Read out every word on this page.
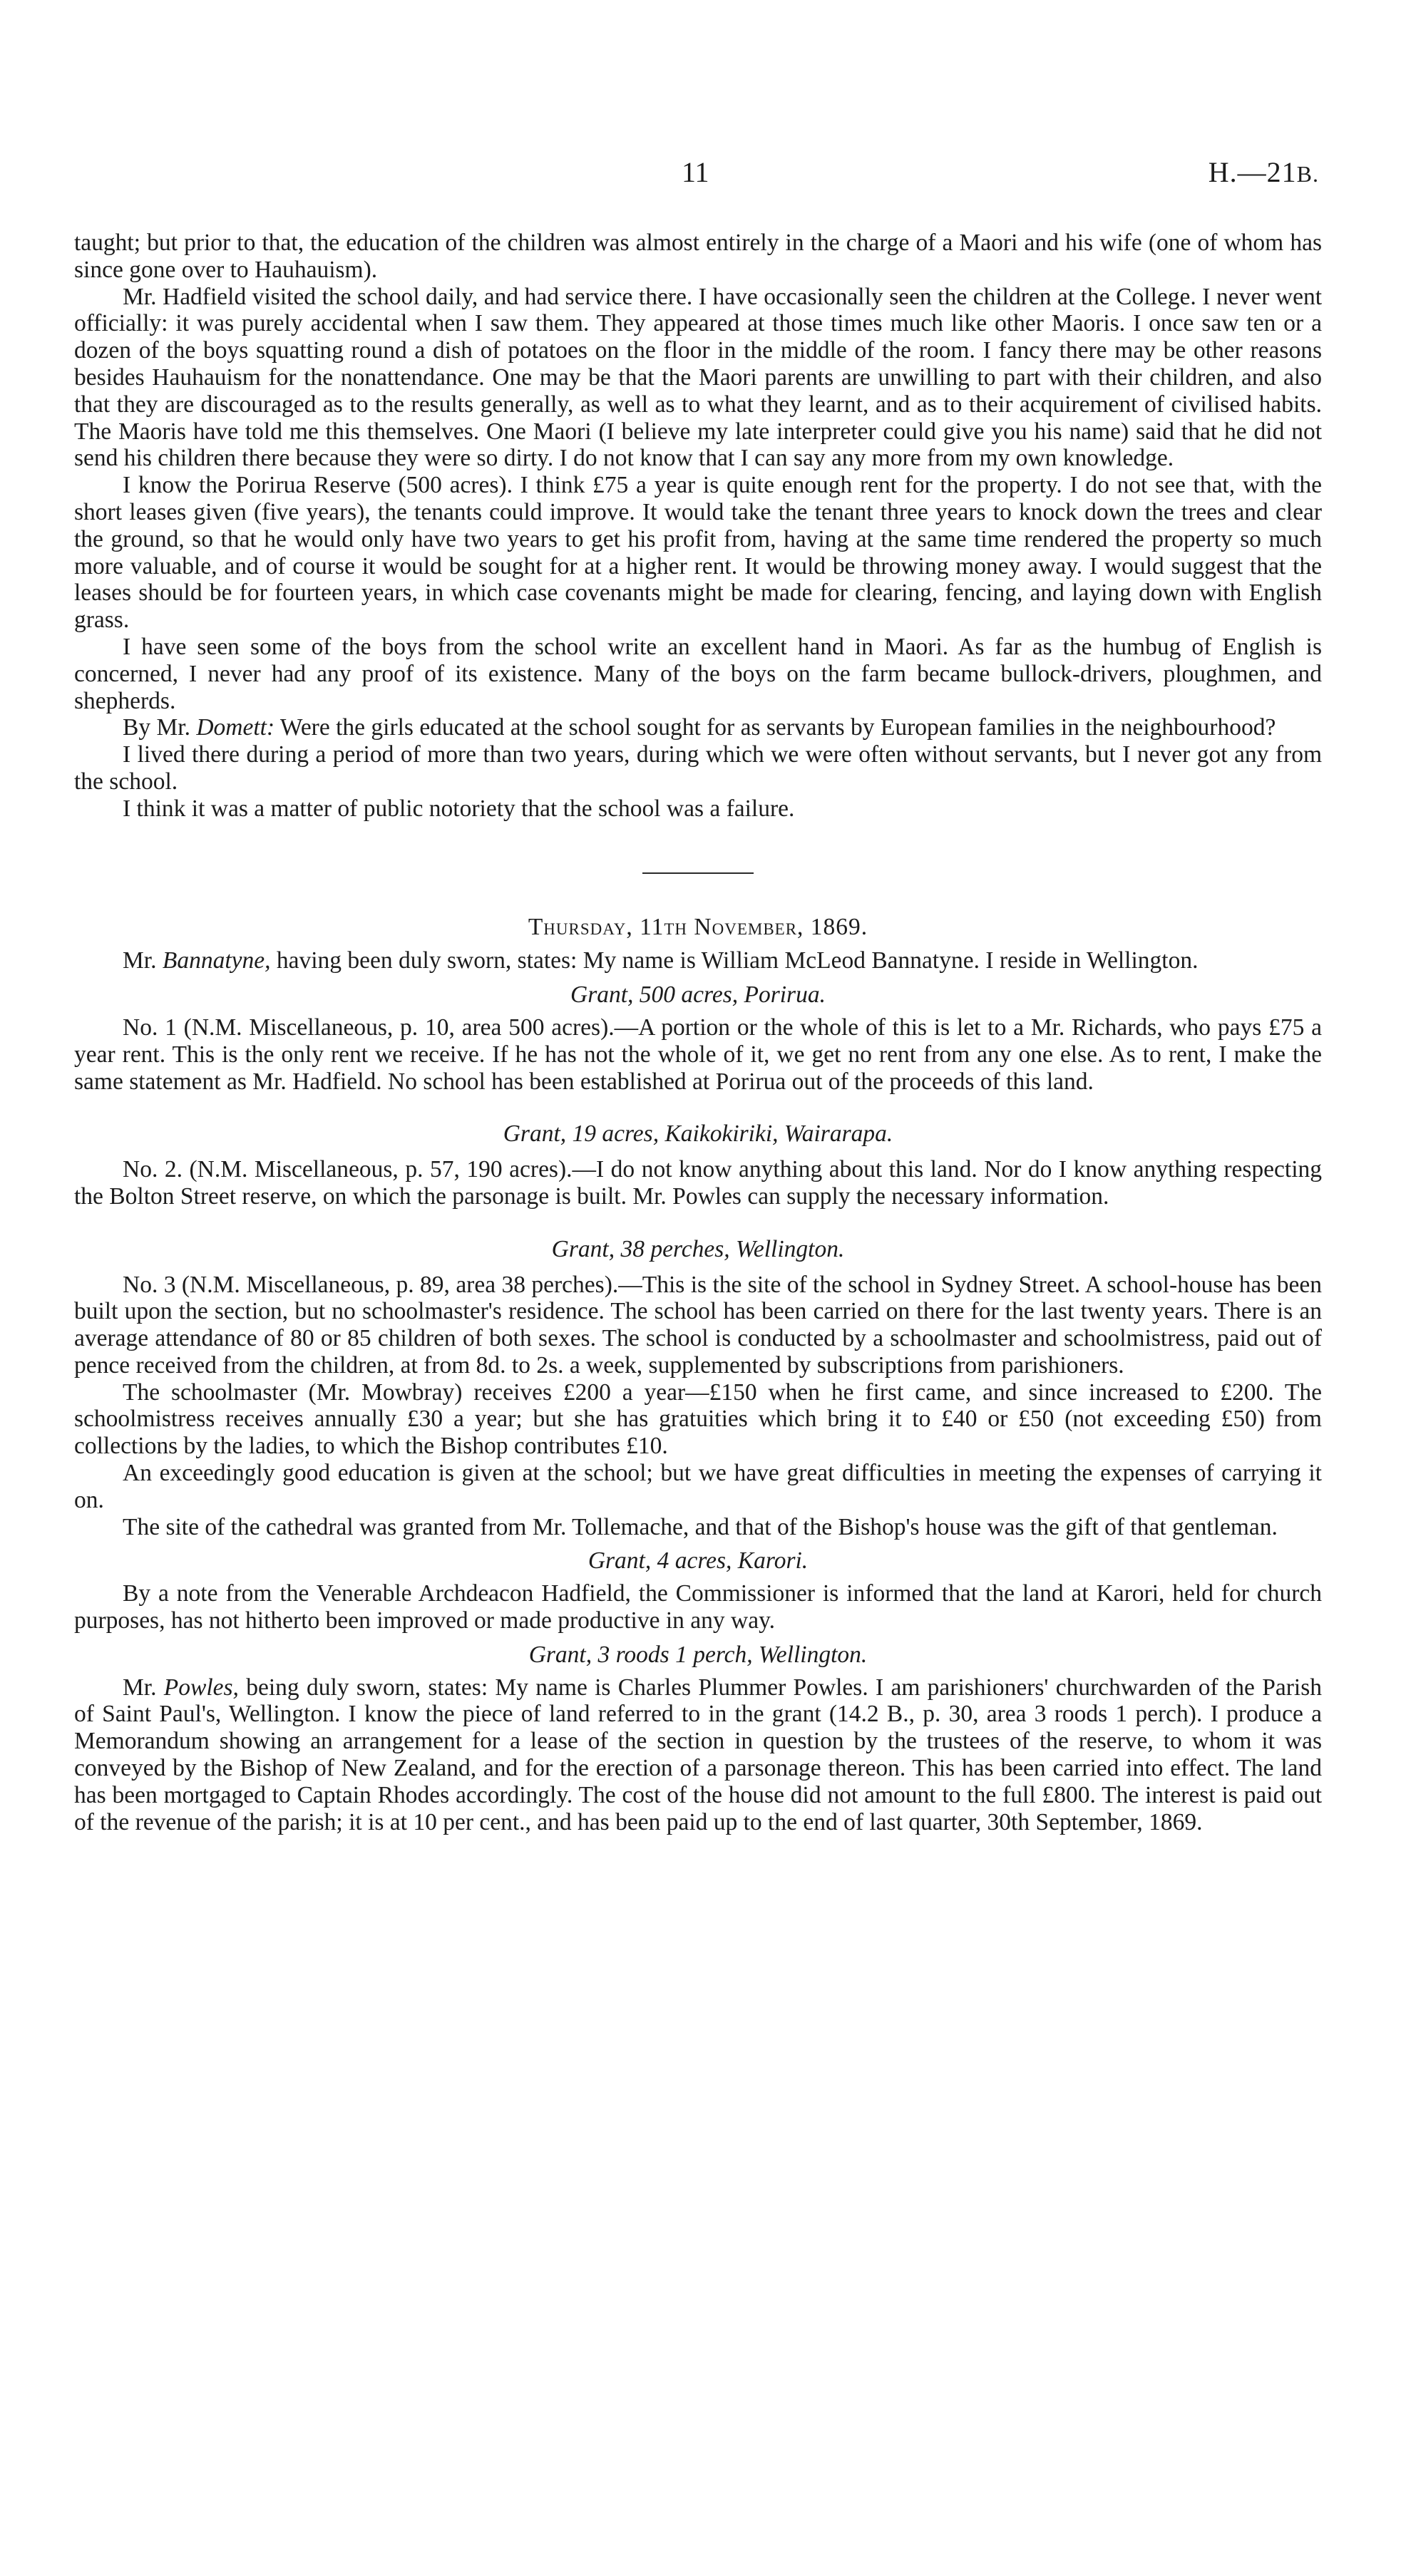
11	H.—21B.

taught; but prior to that, the education of the children was almost entirely in the charge of a Maori and his wife (one of whom has since gone over to Hauhauism).

Mr. Hadfield visited the school daily, and had service there. I have occasionally seen the children at the College. I never went officially: it was purely accidental when I saw them. They appeared at those times much like other Maoris. I once saw ten or a dozen of the boys squatting round a dish of potatoes on the floor in the middle of the room. I fancy there may be other reasons besides Hauhauism for the nonattendance. One may be that the Maori parents are unwilling to part with their children, and also that they are discouraged as to the results generally, as well as to what they learnt, and as to their acquirement of civilised habits. The Maoris have told me this themselves. One Maori (I believe my late interpreter could give you his name) said that he did not send his children there because they were so dirty. I do not know that I can say any more from my own knowledge.

I know the Porirua Reserve (500 acres). I think £75 a year is quite enough rent for the property. I do not see that, with the short leases given (five years), the tenants could improve. It would take the tenant three years to knock down the trees and clear the ground, so that he would only have two years to get his profit from, having at the same time rendered the property so much more valuable, and of course it would be sought for at a higher rent. It would be throwing money away. I would suggest that the leases should be for fourteen years, in which case covenants might be made for clearing, fencing, and laying down with English grass.

I have seen some of the boys from the school write an excellent hand in Maori. As far as the humbug of English is concerned, I never had any proof of its existence. Many of the boys on the farm became bullock-drivers, ploughmen, and shepherds.

By Mr. Domett: Were the girls educated at the school sought for as servants by European families in the neighbourhood?

I lived there during a period of more than two years, during which we were often without servants, but I never got any from the school.

I think it was a matter of public notoriety that the school was a failure.

Thursday, 11th November, 1869.

Mr. Bannatyne, having been duly sworn, states: My name is William McLeod Bannatyne. I reside in Wellington.

Grant, 500 acres, Porirua.

No. 1 (N.M. Miscellaneous, p. 10, area 500 acres).—A portion or the whole of this is let to a Mr. Richards, who pays £75 a year rent. This is the only rent we receive. If he has not the whole of it, we get no rent from any one else. As to rent, I make the same statement as Mr. Hadfield. No school has been established at Porirua out of the proceeds of this land.

Grant, 19 acres, Kaikokiriki, Wairarapa.

No. 2. (N.M. Miscellaneous, p. 57, 190 acres).—I do not know anything about this land. Nor do I know anything respecting the Bolton Street reserve, on which the parsonage is built. Mr. Powles can supply the necessary information.

Grant, 38 perches, Wellington.

No. 3 (N.M. Miscellaneous, p. 89, area 38 perches).—This is the site of the school in Sydney Street. A school-house has been built upon the section, but no schoolmaster's residence. The school has been carried on there for the last twenty years. There is an average attendance of 80 or 85 children of both sexes. The school is conducted by a schoolmaster and schoolmistress, paid out of pence received from the children, at from 8d. to 2s. a week, supplemented by subscriptions from parishioners.

The schoolmaster (Mr. Mowbray) receives £200 a year—£150 when he first came, and since increased to £200. The schoolmistress receives annually £30 a year; but she has gratuities which bring it to £40 or £50 (not exceeding £50) from collections by the ladies, to which the Bishop contributes £10.

An exceedingly good education is given at the school; but we have great difficulties in meeting the expenses of carrying it on.

The site of the cathedral was granted from Mr. Tollemache, and that of the Bishop's house was the gift of that gentleman.

Grant, 4 acres, Karori.

By a note from the Venerable Archdeacon Hadfield, the Commissioner is informed that the land at Karori, held for church purposes, has not hitherto been improved or made productive in any way.

Grant, 3 roods 1 perch, Wellington.

Mr. Powles, being duly sworn, states: My name is Charles Plummer Powles. I am parishioners' churchwarden of the Parish of Saint Paul's, Wellington. I know the piece of land referred to in the grant (14.2 B., p. 30, area 3 roods 1 perch). I produce a Memorandum showing an arrangement for a lease of the section in question by the trustees of the reserve, to whom it was conveyed by the Bishop of New Zealand, and for the erection of a parsonage thereon. This has been carried into effect. The land has been mortgaged to Captain Rhodes accordingly. The cost of the house did not amount to the full £800. The interest is paid out of the revenue of the parish; it is at 10 per cent., and has been paid up to the end of last quarter, 30th September, 1869.
